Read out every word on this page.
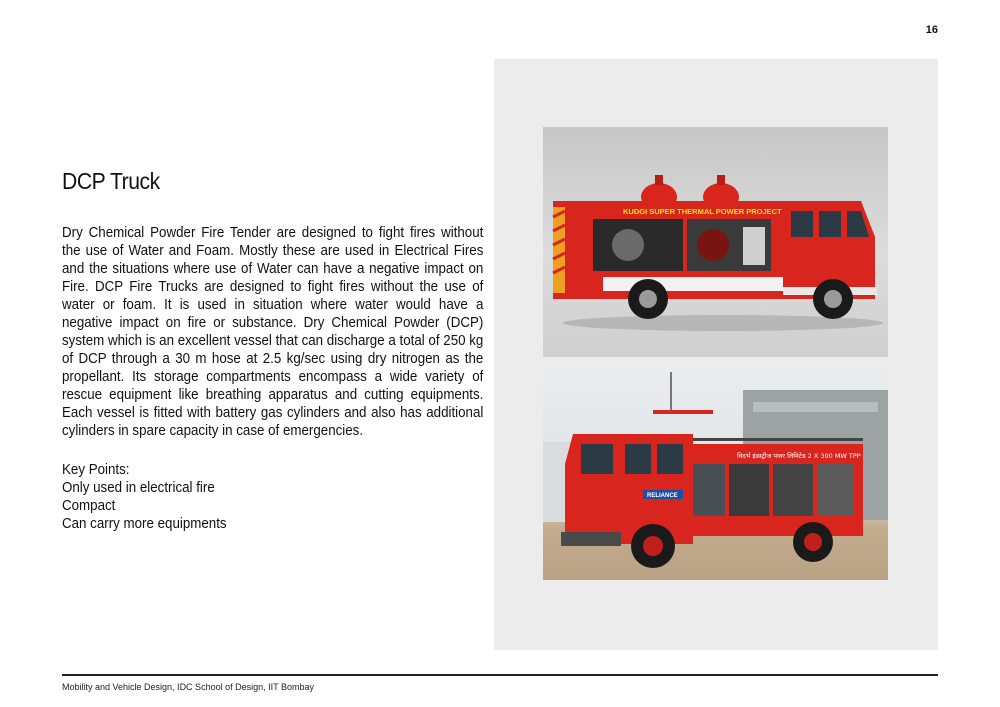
16
DCP Truck

Dry Chemical Powder Fire Tender are designed to fight fires without the use of Water and Foam. Mostly these are used in Electrical Fires and the situations where use of Water can have a negative impact on Fire. DCP Fire Trucks are designed to fight fires without the use of water or foam. It is used in situation where water would have a negative impact on fire or substance. Dry Chemical Powder (DCP) system which is an excellent vessel that can discharge a total of 250 kg of DCP through a 30 m hose at 2.5 kg/sec using dry nitrogen as the propellant. Its storage compartments encompass a wide variety of rescue equipment like breathing apparatus and cutting equipments. Each vessel is fitted with battery gas cylinders and also has additional cylinders in spare capacity in case of emergencies.

Key Points:
Only used in electrical fire
Compact
Can carry more equipments
KUDGI SUPER THERMAL POWER PROJECT
विदर्भ इंडस्ट्रीज पावर लिमिटेड 2 X 300 MW TPP
RELIANCE
Mobility and Vehicle Design, IDC School of Design, IIT Bombay
